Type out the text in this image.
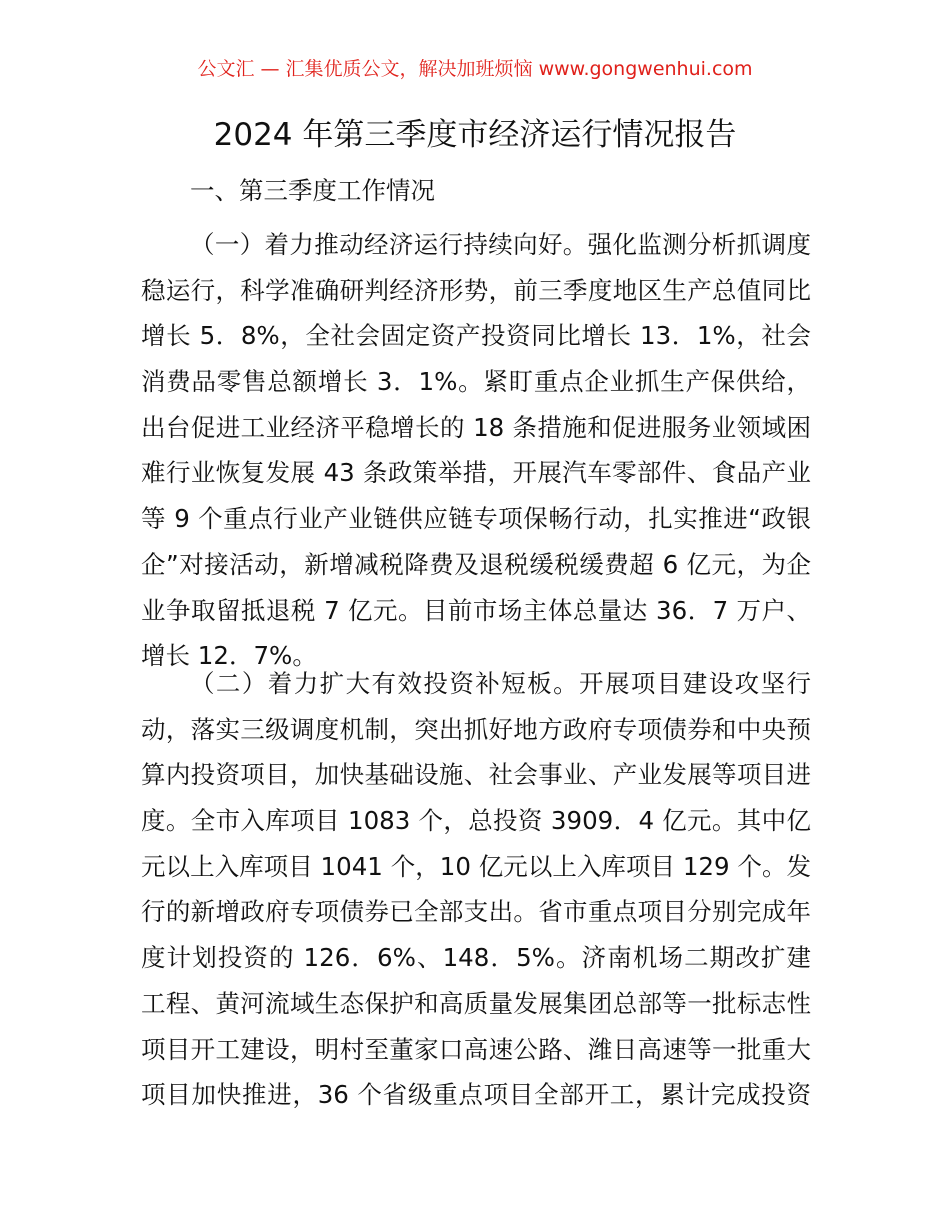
公文汇 — 汇集优质公文，解决加班烦恼 www.gongwenhui.com
2024 年第三季度市经济运行情况报告
一、第三季度工作情况
（一）着力推动经济运行持续向好。强化监测分析抓调度
稳运行，科学准确研判经济形势，前三季度地区生产总值同比
增长 5．8%，全社会固定资产投资同比增长 13．1%，社会
消费品零售总额增长 3．1%。紧盯重点企业抓生产保供给，
出台促进工业经济平稳增长的 18 条措施和促进服务业领域困
难行业恢复发展 43 条政策举措，开展汽车零部件、食品产业
等 9 个重点行业产业链供应链专项保畅行动，扎实推进“政银
企”对接活动，新增减税降费及退税缓税缓费超 6 亿元，为企
业争取留抵退税 7 亿元。目前市场主体总量达 36．7 万户、
增长 12．7%。
（二）着力扩大有效投资补短板。开展项目建设攻坚行
动，落实三级调度机制，突出抓好地方政府专项债券和中央预
算内投资项目，加快基础设施、社会事业、产业发展等项目进
度。全市入库项目 1083 个，总投资 3909．4 亿元。其中亿
元以上入库项目 1041 个，10 亿元以上入库项目 129 个。发
行的新增政府专项债券已全部支出。省市重点项目分别完成年
度计划投资的 126．6%、148．5%。济南机场二期改扩建
工程、黄河流域生态保护和高质量发展集团总部等一批标志性
项目开工建设，明村至董家口高速公路、潍日高速等一批重大
项目加快推进，36 个省级重点项目全部开工，累计完成投资
